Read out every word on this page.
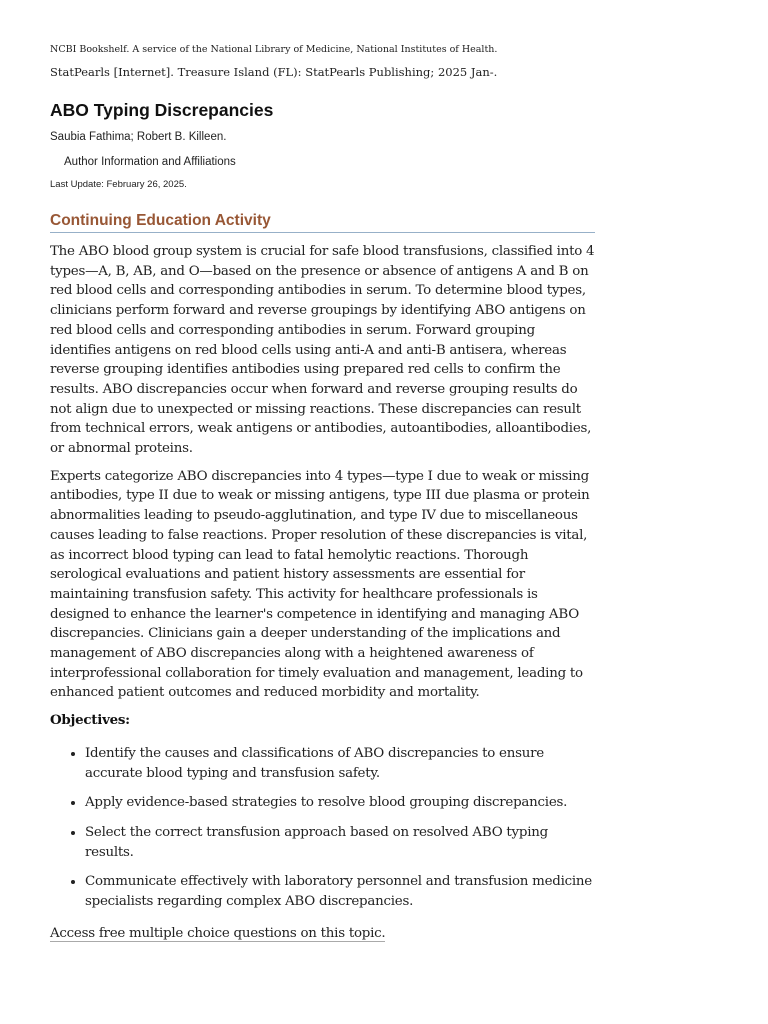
NCBI Bookshelf. A service of the National Library of Medicine, National Institutes of Health.

StatPearls [Internet]. Treasure Island (FL): StatPearls Publishing; 2025 Jan-.

ABO Typing Discrepancies

Saubia Fathima; Robert B. Killeen.

Author Information and Affiliations

Last Update: February 26, 2025.

Continuing Education Activity

The ABO blood group system is crucial for safe blood transfusions, classified into 4 types—A, B, AB, and O—based on the presence or absence of antigens A and B on red blood cells and corresponding antibodies in serum. To determine blood types, clinicians perform forward and reverse groupings by identifying ABO antigens on red blood cells and corresponding antibodies in serum. Forward grouping identifies antigens on red blood cells using anti-A and anti-B antisera, whereas reverse grouping identifies antibodies using prepared red cells to confirm the results. ABO discrepancies occur when forward and reverse grouping results do not align due to unexpected or missing reactions. These discrepancies can result from technical errors, weak antigens or antibodies, autoantibodies, alloantibodies, or abnormal proteins.

Experts categorize ABO discrepancies into 4 types—type I due to weak or missing antibodies, type II due to weak or missing antigens, type III due plasma or protein abnormalities leading to pseudo-agglutination, and type IV due to miscellaneous causes leading to false reactions. Proper resolution of these discrepancies is vital, as incorrect blood typing can lead to fatal hemolytic reactions. Thorough serological evaluations and patient history assessments are essential for maintaining transfusion safety. This activity for healthcare professionals is designed to enhance the learner's competence in identifying and managing ABO discrepancies. Clinicians gain a deeper understanding of the implications and management of ABO discrepancies along with a heightened awareness of interprofessional collaboration for timely evaluation and management, leading to enhanced patient outcomes and reduced morbidity and mortality.

Objectives:

• Identify the causes and classifications of ABO discrepancies to ensure accurate blood typing and transfusion safety.
• Apply evidence-based strategies to resolve blood grouping discrepancies.
• Select the correct transfusion approach based on resolved ABO typing results.
• Communicate effectively with laboratory personnel and transfusion medicine specialists regarding complex ABO discrepancies.
Access free multiple choice questions on this topic.
